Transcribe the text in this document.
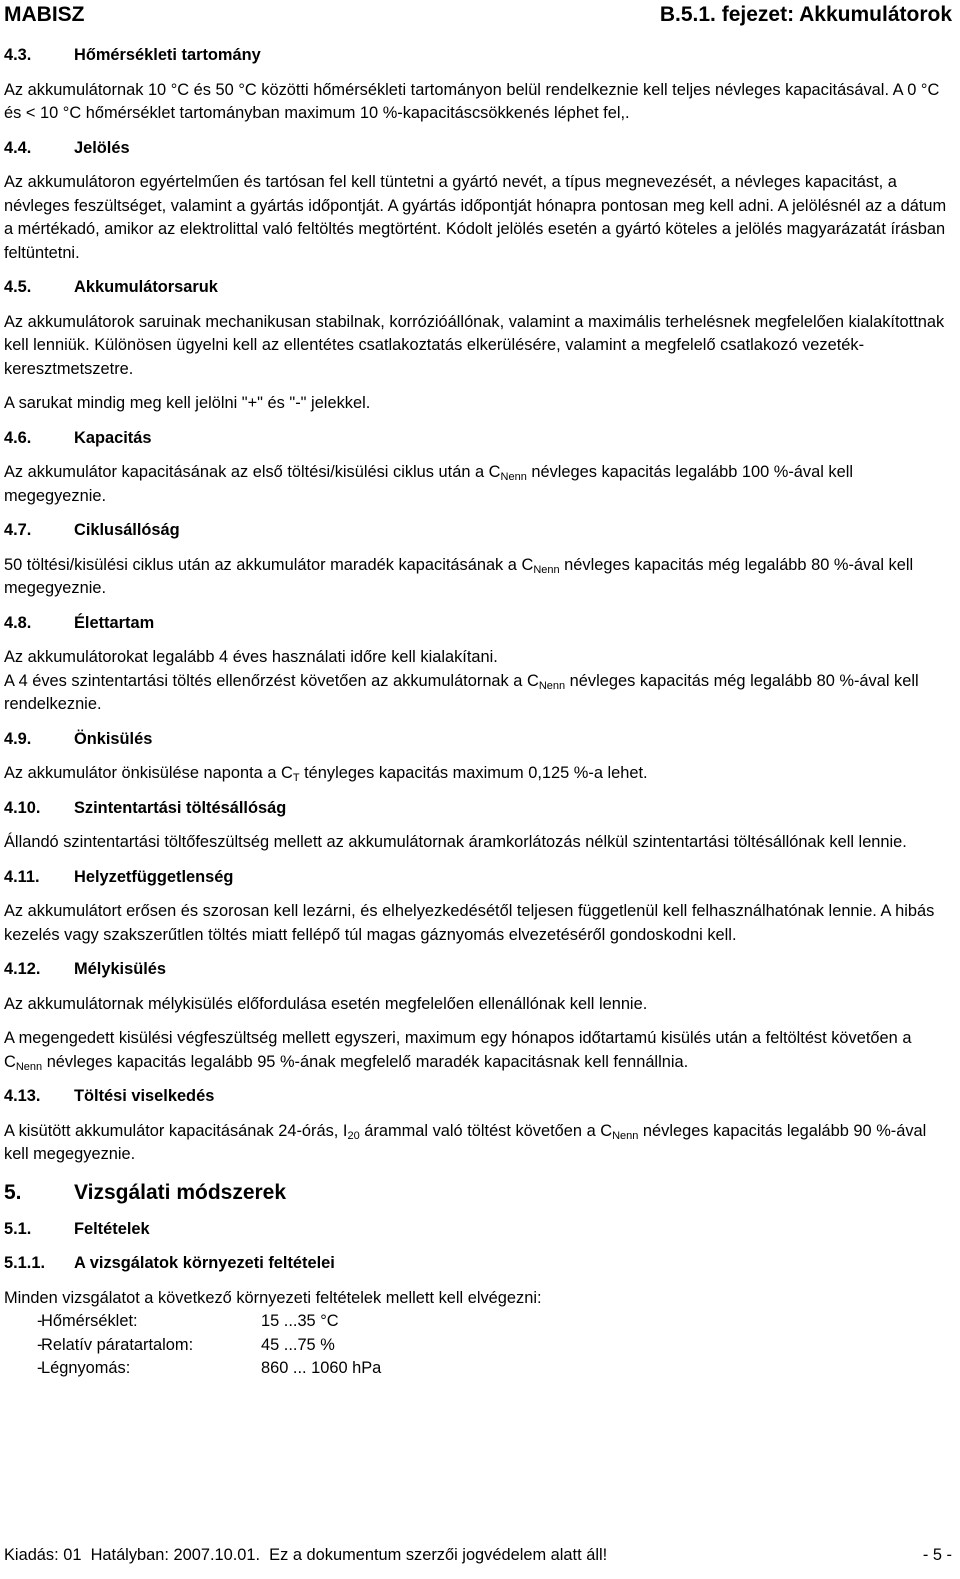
MABISZ	B.5.1. fejezet: Akkumulátorok
4.3.	Hőmérsékleti tartomány

Az akkumulátornak 10 °C és 50 °C közötti hőmérsékleti tartományon belül rendelkeznie kell teljes névleges kapacitásával. A 0 °C és < 10 °C hőmérséklet tartományban maximum 10 %-kapacitáscsökkenés léphet fel,.

4.4.	Jelölés

Az akkumulátoron egyértelműen és tartósan fel kell tüntetni a gyártó nevét, a típus megnevezését, a névleges kapacitást, a névleges feszültséget, valamint a gyártás időpontját. A gyártás időpontját hónapra pontosan meg kell adni. A jelölésnél az a dátum a mértékadó, amikor az elektrolittal való feltöltés megtörtént. Kódolt jelölés esetén a gyártó köteles a jelölés magyarázatát írásban feltüntetni.

4.5.	Akkumulátorsaruk

Az akkumulátorok saruinak mechanikusan stabilnak, korrózióállónak, valamint a maximális terhelésnek megfelelően kialakítottnak kell lenniük. Különösen ügyelni kell az ellentétes csatlakoztatás elkerülésére, valamint a megfelelő csatlakozó vezeték-keresztmetszetre.

A sarukat mindig meg kell jelölni "+" és "-" jelekkel.

4.6.	Kapacitás

Az akkumulátor kapacitásának az első töltési/kisülési ciklus után a $C_{Nenn}$ névleges kapacitás legalább 100 %-ával kell megegyeznie.

4.7.	Ciklusállóság

50 töltési/kisülési ciklus után az akkumulátor maradék kapacitásának a $C_{Nenn}$ névleges kapacitás még legalább 80 %-ával kell megegyeznie.

4.8.	Élettartam

Az akkumulátorokat legalább 4 éves használati időre kell kialakítani.

A 4 éves szintentartási töltés ellenőrzést követően az akkumulátornak a $C_{Nenn}$ névleges kapacitás még legalább 80 %-ával kell rendelkeznie.

4.9.	Önkisülés

Az akkumulátor önkisülése naponta a $C_T$ tényleges kapacitás maximum 0,125 %-a lehet.

4.10.	Szintentartási töltésállóság

Állandó szintentartási töltőfeszültség mellett az akkumulátornak áramkorlátozás nélkül szintentartási töltésállónak kell lennie.

4.11.	Helyzetfüggetlenség

Az akkumulátort erősen és szorosan kell lezárni, és elhelyezkedésétől teljesen függetlenül kell felhasználhatónak lennie. A hibás kezelés vagy szakszerűtlen töltés miatt fellépő túl magas gáznyomás elvezetéséről gondoskodni kell.

4.12.	Mélykisülés

Az akkumulátornak mélykisülés előfordulása esetén megfelelően ellenállónak kell lennie.

A megengedett kisülési végfeszültség mellett egyszeri, maximum egy hónapos időtartamú kisülés után a feltöltést követően a $C_{Nenn}$ névleges kapacitás legalább 95 %-ának megfelelő maradék kapacitásnak kell fennállnia.

4.13.	Töltési viselkedés

A kisütött akkumulátor kapacitásának 24-órás, $I_{20}$ árammal való töltést követően a $C_{Nenn}$ névleges kapacitás legalább 90 %-ával kell megegyeznie.

5.	Vizsgálati módszerek
5.1.	Feltételek
5.1.1.	A vizsgálatok környezeti feltételei

Minden vizsgálatot a következő környezeti feltételek mellett kell elvégezni:

-
Hőmérséklet:	15 ...35 °C
-
Relatív páratartalom:	45 ...75 %
-
Légnyomás:	860 ... 1060 hPa
Kiadás: 01  Hatályban: 2007.10.01.  Ez a dokumentum szerzői jogvédelem alatt áll!	- 5 -
